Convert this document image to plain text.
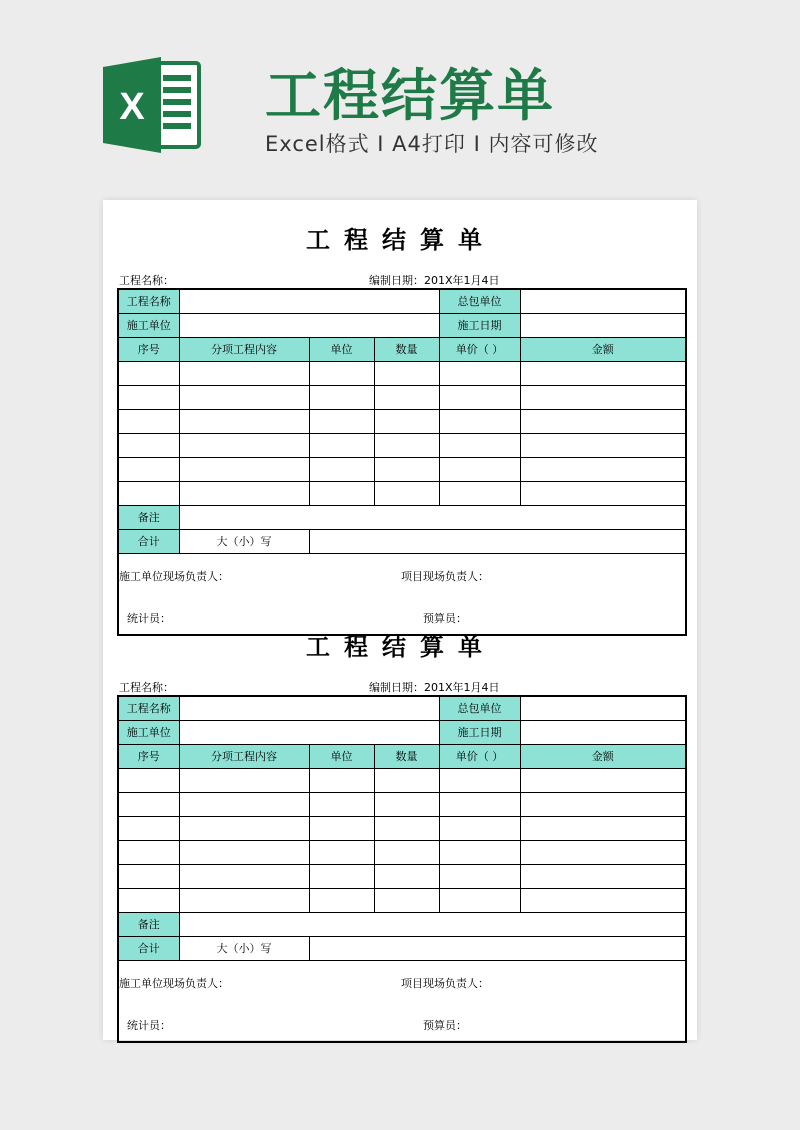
X 工程结算单
Excel格式 I A4打印 I 内容可修改
工程结算单
工程名称：	编制日期：201X年1月4日
工程名称				总包单位	
施工单位				施工日期	
序号	分项工程内容	单位	数量	单价（ ）	金额

备注					
合计	大（小）写				

施工单位现场负责人： 项目现场负责人：
统计员： 预算员：					
工程结算单
工程名称：	编制日期：201X年1月4日
工程名称				总包单位	
施工单位				施工日期	
序号	分项工程内容	单位	数量	单价（ ）	金额

备注					
合计	大（小）写				

施工单位现场负责人： 项目现场负责人：
统计员： 预算员：					
